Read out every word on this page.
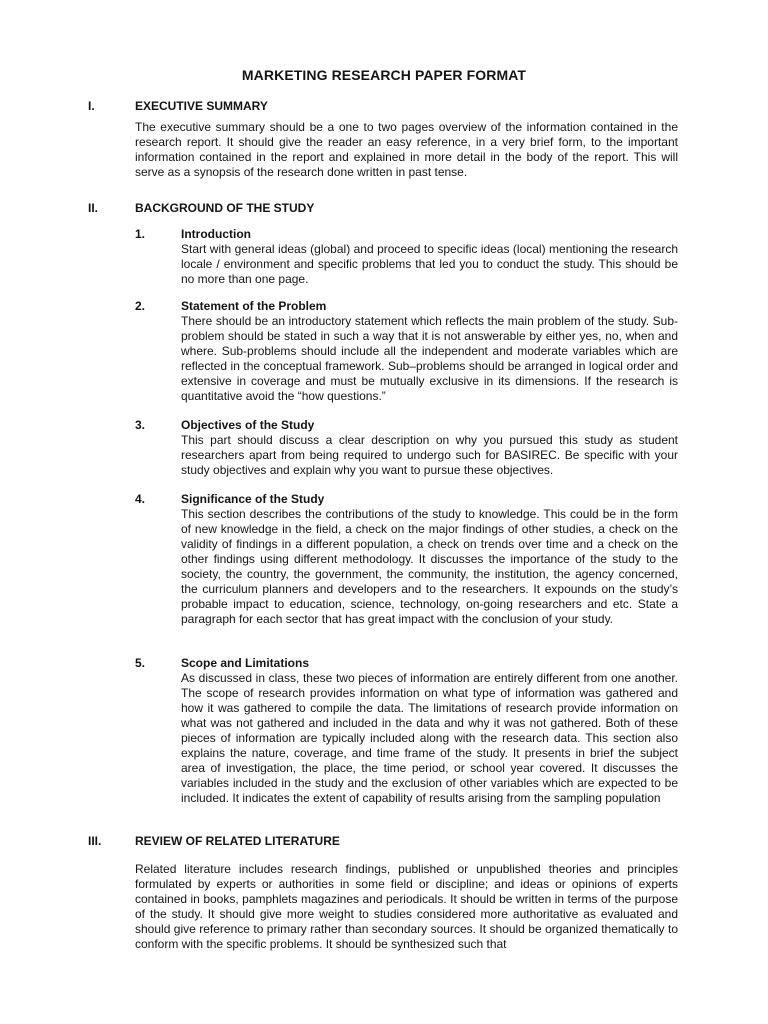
MARKETING RESEARCH PAPER FORMAT
I.	EXECUTIVE SUMMARY

The executive summary should be a one to two pages overview of the information contained in the research report. It should give the reader an easy reference, in a very brief form, to the important information contained in the report and explained in more detail in the body of the report. This will serve as a synopsis of the research done written in past tense.

II.	BACKGROUND OF THE STUDY
1.	Introduction

Start with general ideas (global) and proceed to specific ideas (local) mentioning the research locale / environment and specific problems that led you to conduct the study. This should be no more than one page.

2.	Statement of the Problem

There should be an introductory statement which reflects the main problem of the study. Sub-problem should be stated in such a way that it is not answerable by either yes, no, when and where. Sub-problems should include all the independent and moderate variables which are reflected in the conceptual framework. Sub–problems should be arranged in logical order and extensive in coverage and must be mutually exclusive in its dimensions. If the research is quantitative avoid the “how questions.”

3.	Objectives of the Study

This part should discuss a clear description on why you pursued this study as student researchers apart from being required to undergo such for BASIREC. Be specific with your study objectives and explain why you want to pursue these objectives.

4.	Significance of the Study

This section describes the contributions of the study to knowledge. This could be in the form of new knowledge in the field, a check on the major findings of other studies, a check on the validity of findings in a different population, a check on trends over time and a check on the other findings using different methodology. It discusses the importance of the study to the society, the country, the government, the community, the institution, the agency concerned, the curriculum planners and developers and to the researchers. It expounds on the study’s probable impact to education, science, technology, on-going researchers and etc. State a paragraph for each sector that has great impact with the conclusion of your study.

5.	Scope and Limitations

As discussed in class, these two pieces of information are entirely different from one another. The scope of research provides information on what type of information was gathered and how it was gathered to compile the data. The limitations of research provide information on what was not gathered and included in the data and why it was not gathered. Both of these pieces of information are typically included along with the research data. This section also explains the nature, coverage, and time frame of the study. It presents in brief the subject area of investigation, the place, the time period, or school year covered. It discusses the variables included in the study and the exclusion of other variables which are expected to be included. It indicates the extent of capability of results arising from the sampling population

III.	REVIEW OF RELATED LITERATURE

Related literature includes research findings, published or unpublished theories and principles formulated by experts or authorities in some field or discipline; and ideas or opinions of experts contained in books, pamphlets magazines and periodicals. It should be written in terms of the purpose of the study. It should give more weight to studies considered more authoritative as evaluated and should give reference to primary rather than secondary sources. It should be organized thematically to conform with the specific problems. It should be synthesized such that
